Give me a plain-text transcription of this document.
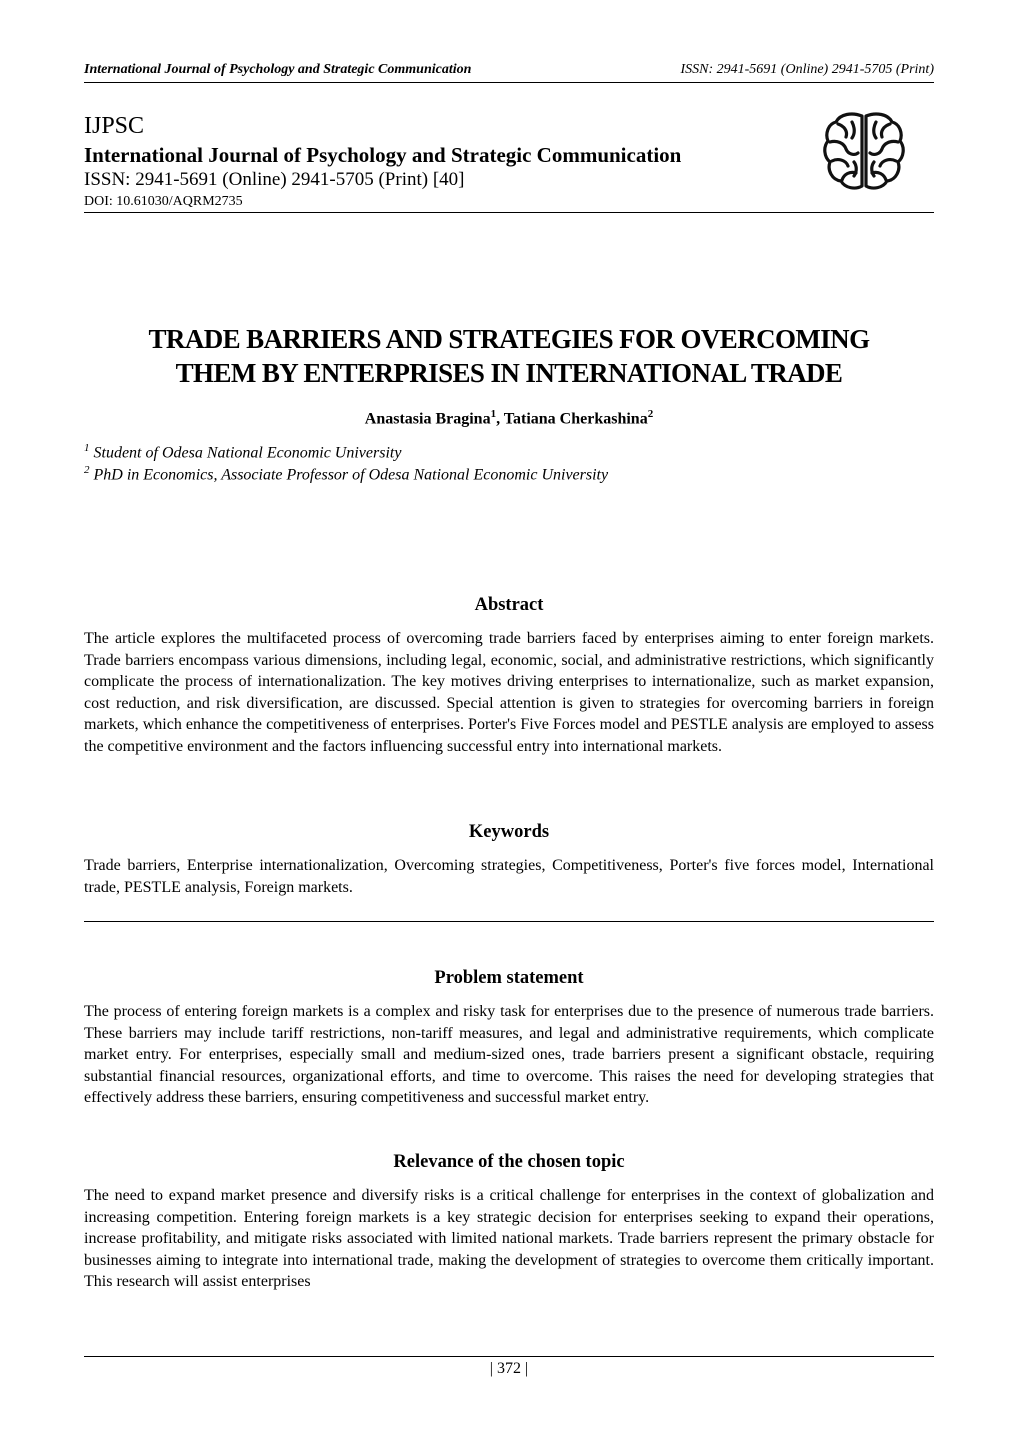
International Journal of Psychology and Strategic Communication	ISSN: 2941-5691 (Online) 2941-5705 (Print)
IJPSC
International Journal of Psychology and Strategic Communication
ISSN: 2941-5691 (Online) 2941-5705 (Print) [40]
DOI: 10.61030/AQRM2735
TRADE BARRIERS AND STRATEGIES FOR OVERCOMING
THEM BY ENTERPRISES IN INTERNATIONAL TRADE
Anastasia Bragina$^1$, Tatiana Cherkashina$^2$
$^1$ Student of Odesa National Economic University
$^2$ PhD in Economics, Associate Professor of Odesa National Economic University
Abstract

The article explores the multifaceted process of overcoming trade barriers faced by enterprises aiming to enter foreign markets. Trade barriers encompass various dimensions, including legal, economic, social, and administrative restrictions, which significantly complicate the process of internationalization. The key motives driving enterprises to internationalize, such as market expansion, cost reduction, and risk diversification, are discussed. Special attention is given to strategies for overcoming barriers in foreign markets, which enhance the competitiveness of enterprises. Porter's Five Forces model and PESTLE analysis are employed to assess the competitive environment and the factors influencing successful entry into international markets.

Keywords

Trade barriers, Enterprise internationalization, Overcoming strategies, Competitiveness, Porter's five forces model, International trade, PESTLE analysis, Foreign markets.

Problem statement

The process of entering foreign markets is a complex and risky task for enterprises due to the presence of numerous trade barriers. These barriers may include tariff restrictions, non-tariff measures, and legal and administrative requirements, which complicate market entry. For enterprises, especially small and medium-sized ones, trade barriers present a significant obstacle, requiring substantial financial resources, organizational efforts, and time to overcome. This raises the need for developing strategies that effectively address these barriers, ensuring competitiveness and successful market entry.

Relevance of the chosen topic

The need to expand market presence and diversify risks is a critical challenge for enterprises in the context of globalization and increasing competition. Entering foreign markets is a key strategic decision for enterprises seeking to expand their operations, increase profitability, and mitigate risks associated with limited national markets. Trade barriers represent the primary obstacle for businesses aiming to integrate into international trade, making the development of strategies to overcome them critically important. This research will assist enterprises

| 372 |
